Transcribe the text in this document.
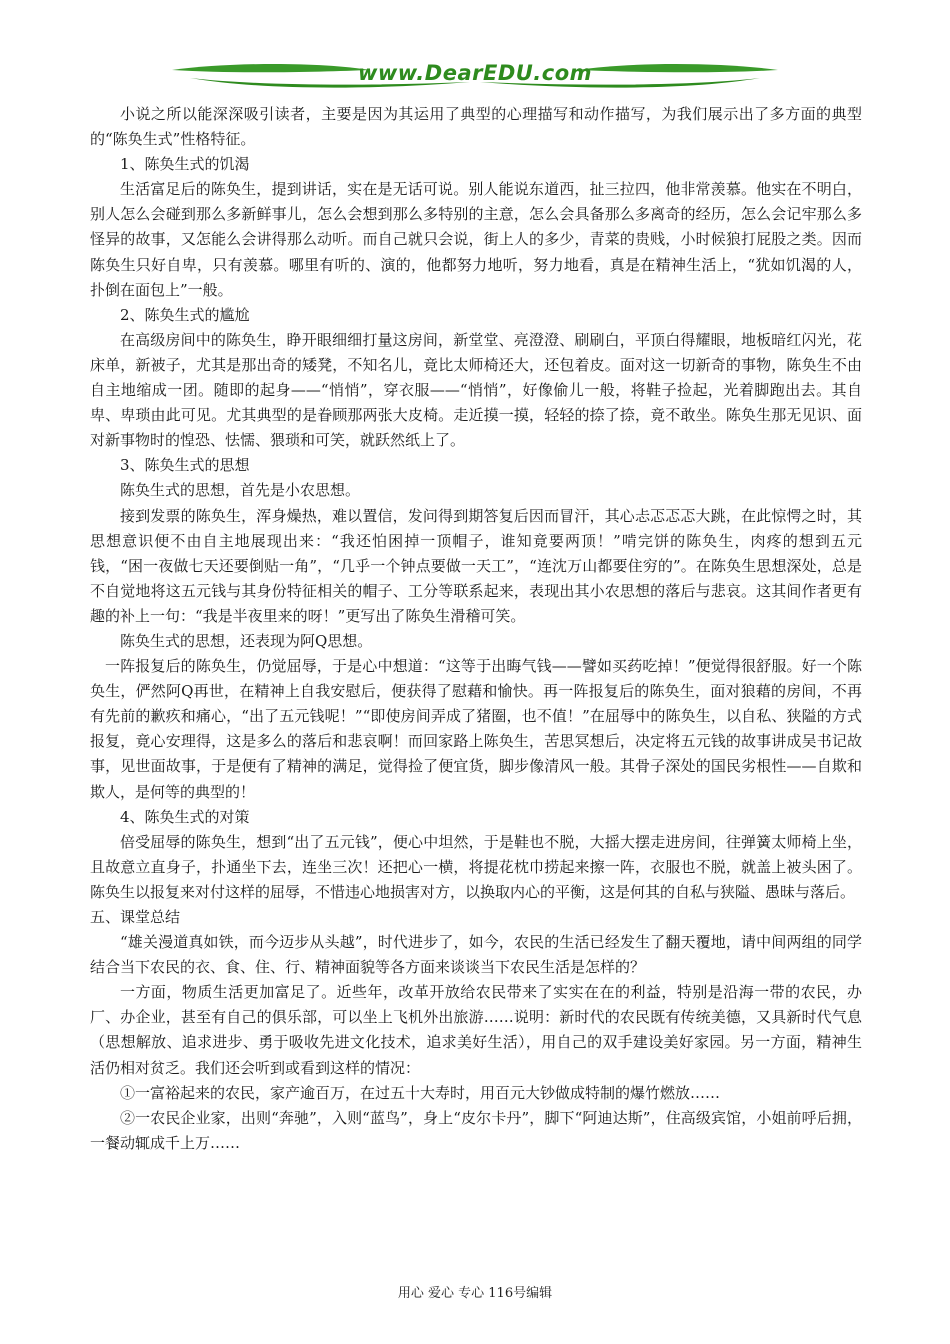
www.DearEDU.com

小说之所以能深深吸引读者，主要是因为其运用了典型的心理描写和动作描写，为我们展示出了多方面的典型的“陈奂生式”性格特征。

1、陈奂生式的饥渴

生活富足后的陈奂生，提到讲话，实在是无话可说。别人能说东道西，扯三拉四，他非常羡慕。他实在不明白，别人怎么会碰到那么多新鲜事儿，怎么会想到那么多特别的主意，怎么会具备那么多离奇的经历，怎么会记牢那么多怪异的故事，又怎能么会讲得那么动听。而自己就只会说，街上人的多少，青菜的贵贱，小时候狼打屁股之类。因而陈奂生只好自卑，只有羡慕。哪里有听的、演的，他都努力地听，努力地看，真是在精神生活上，“犹如饥渴的人，扑倒在面包上”一般。

2、陈奂生式的尴尬

在高级房间中的陈奂生，睁开眼细细打量这房间，新堂堂、亮澄澄、刷刷白，平顶白得耀眼，地板暗红闪光，花床单，新被子，尤其是那出奇的矮凳，不知名儿，竟比太师椅还大，还包着皮。面对这一切新奇的事物，陈奂生不由自主地缩成一团。随即的起身——“悄悄”，穿衣服——“悄悄”，好像偷儿一般，将鞋子捡起，光着脚跑出去。其自卑、卑琐由此可见。尤其典型的是眷顾那两张大皮椅。走近摸一摸，轻轻的捺了捺，竟不敢坐。陈奂生那无见识、面对新事物时的惶恐、怯懦、猥琐和可笑，就跃然纸上了。

3、陈奂生式的思想

陈奂生式的思想，首先是小农思想。

接到发票的陈奂生，浑身燥热，难以置信，发问得到期答复后因而冒汗，其心忐忑忑忑大跳，在此惊愕之时，其思想意识便不由自主地展现出来：“我还怕困掉一顶帽子，谁知竟要两顶！”啃完饼的陈奂生，肉疼的想到五元钱，“困一夜做七天还要倒贴一角”，“几乎一个钟点要做一天工”，“连沈万山都要住穷的”。在陈奂生思想深处，总是不自觉地将这五元钱与其身份特征相关的帽子、工分等联系起来，表现出其小农思想的落后与悲哀。这其间作者更有趣的补上一句：“我是半夜里来的呀！”更写出了陈奂生滑稽可笑。

陈奂生式的思想，还表现为阿Q思想。

一阵报复后的陈奂生，仍觉屈辱，于是心中想道：“这等于出晦气钱——譬如买药吃掉！”便觉得很舒服。好一个陈奂生，俨然阿Q再世，在精神上自我安慰后，便获得了慰藉和愉快。再一阵报复后的陈奂生，面对狼藉的房间，不再有先前的歉疚和痛心，“出了五元钱呢！”“即使房间弄成了猪圈，也不值！”在屈辱中的陈奂生，以自私、狭隘的方式报复，竟心安理得，这是多么的落后和悲哀啊！而回家路上陈奂生，苦思冥想后，决定将五元钱的故事讲成吴书记故事，见世面故事，于是便有了精神的满足，觉得捡了便宜货，脚步像清风一般。其骨子深处的国民劣根性——自欺和欺人，是何等的典型的！

4、陈奂生式的对策

倍受屈辱的陈奂生，想到“出了五元钱”，便心中坦然，于是鞋也不脱，大摇大摆走进房间，往弹簧太师椅上坐，且故意立直身子，扑通坐下去，连坐三次！还把心一横，将提花枕巾捞起来擦一阵，衣服也不脱，就盖上被头困了。陈奂生以报复来对付这样的屈辱，不惜违心地损害对方，以换取内心的平衡，这是何其的自私与狭隘、愚昧与落后。

五、课堂总结

“雄关漫道真如铁，而今迈步从头越”，时代进步了，如今，农民的生活已经发生了翻天覆地，请中间两组的同学结合当下农民的衣、食、住、行、精神面貌等各方面来谈谈当下农民生活是怎样的？

一方面，物质生活更加富足了。近些年，改革开放给农民带来了实实在在的利益，特别是沿海一带的农民，办厂、办企业，甚至有自己的俱乐部，可以坐上飞机外出旅游……说明：新时代的农民既有传统美德，又具新时代气息（思想解放、追求进步、勇于吸收先进文化技术，追求美好生活），用自己的双手建设美好家园。另一方面，精神生活仍相对贫乏。我们还会听到或看到这样的情况：

①一富裕起来的农民，家产逾百万，在过五十大寿时，用百元大钞做成特制的爆竹燃放……

②一农民企业家，出则“奔驰”，入则“蓝鸟”，身上“皮尔卡丹”，脚下“阿迪达斯”，住高级宾馆，小姐前呼后拥，一餐动辄成千上万……

用心 爱心 专心 116号编辑
